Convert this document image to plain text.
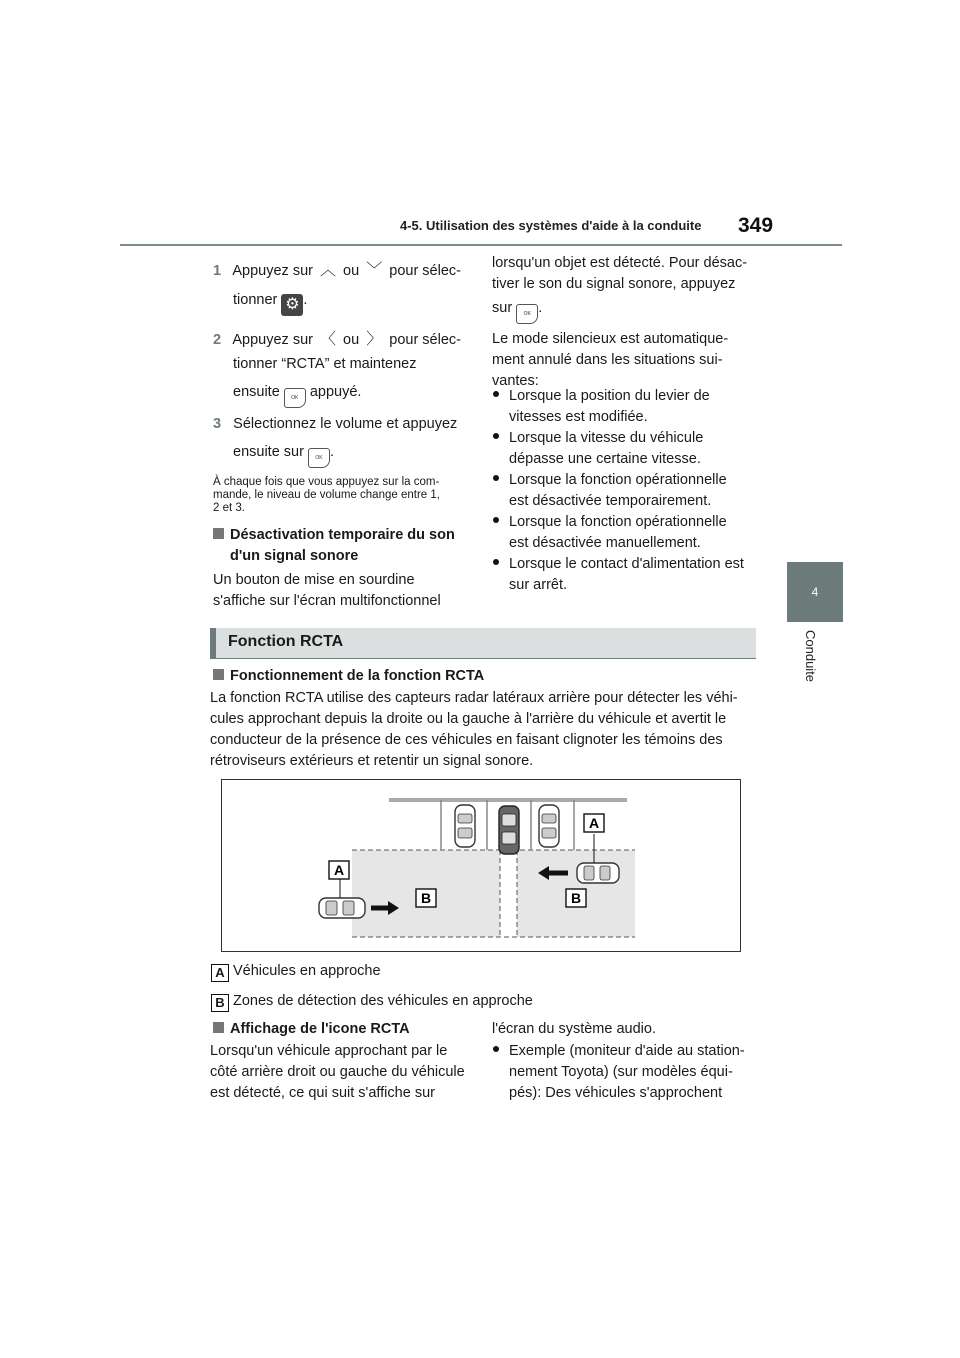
4-5. Utilisation des systèmes d'aide à la conduite 349
4
Conduite
1 Appuyez sur ︿ ou ﹀ pour sélec-
tionner ⚙ .
2 Appuyez sur 〈 ou 〉 pour sélec-
tionner “RCTA” et maintenez
ensuite OK appuyé.
3 Sélectionnez le volume et appuyez
ensuite sur OK .
À chaque fois que vous appuyez sur la com-
mande, le niveau de volume change entre 1,
2 et 3.
Désactivation temporaire du son
d'un signal sonore
Un bouton de mise en sourdine
s'affiche sur l'écran multifonctionnel
lorsqu'un objet est détecté. Pour désac-
tiver le son du signal sonore, appuyez
sur OK .
Le mode silencieux est automatique-
ment annulé dans les situations sui-
vantes:
Lorsque la position du levier de
vitesses est modifiée.
Lorsque la vitesse du véhicule
dépasse une certaine vitesse.
Lorsque la fonction opérationnelle
est désactivée temporairement.
Lorsque la fonction opérationnelle
est désactivée manuellement.
Lorsque le contact d'alimentation est
sur arrêt.
Fonction RCTA
Fonctionnement de la fonction RCTA
La fonction RCTA utilise des capteurs radar latéraux arrière pour détecter les véhi-
cules approchant depuis la droite ou la gauche à l'arrière du véhicule et avertit le
conducteur de la présence de ces véhicules en faisant clignoter les témoins des
rétroviseurs extérieurs et retentir un signal sonore.
A
A
B	B
A Véhicules en approche
B Zones de détection des véhicules en approche
Affichage de l'icone RCTA
Lorsqu'un véhicule approchant par le
côté arrière droit ou gauche du véhicule
est détecté, ce qui suit s'affiche sur
l'écran du système audio.
Exemple (moniteur d'aide au station-
nement Toyota) (sur modèles équi-
pés): Des véhicules s'approchent
